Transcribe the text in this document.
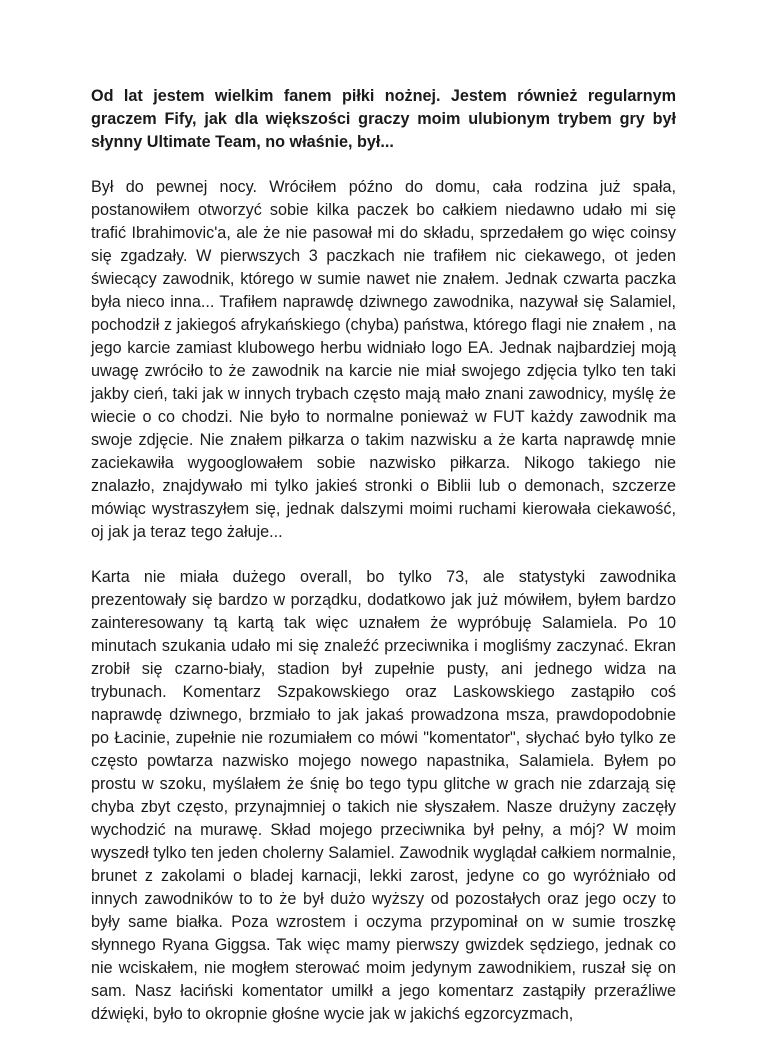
Od lat jestem wielkim fanem piłki nożnej. Jestem również regularnym graczem Fify, jak dla większości graczy moim ulubionym trybem gry był słynny Ultimate Team, no właśnie, był...

Był do pewnej nocy. Wróciłem późno do domu, cała rodzina już spała, postanowiłem otworzyć sobie kilka paczek bo całkiem niedawno udało mi się trafić Ibrahimovic'a, ale że nie pasował mi do składu, sprzedałem go więc coinsy się zgadzały. W pierwszych 3 paczkach nie trafiłem nic ciekawego, ot jeden świecący zawodnik, którego w sumie nawet nie znałem. Jednak czwarta paczka była nieco inna... Trafiłem naprawdę dziwnego zawodnika, nazywał się Salamiel, pochodził z jakiegoś afrykańskiego (chyba) państwa, którego flagi nie znałem , na jego karcie zamiast klubowego herbu widniało logo EA. Jednak najbardziej moją uwagę zwróciło to że zawodnik na karcie nie miał swojego zdjęcia tylko ten taki jakby cień, taki jak w innych trybach często mają mało znani zawodnicy, myślę że wiecie o co chodzi. Nie było to normalne ponieważ w FUT każdy zawodnik ma swoje zdjęcie. Nie znałem piłkarza o takim nazwisku a że karta naprawdę mnie zaciekawiła wygooglowałem sobie nazwisko piłkarza. Nikogo takiego nie znalazło, znajdywało mi tylko jakieś stronki o Biblii lub o demonach, szczerze mówiąc wystraszyłem się, jednak dalszymi moimi ruchami kierowała ciekawość, oj jak ja teraz tego żałuje...

Karta nie miała dużego overall, bo tylko 73, ale statystyki zawodnika prezentowały się bardzo w porządku, dodatkowo jak już mówiłem, byłem bardzo zainteresowany tą kartą tak więc uznałem że wypróbuję Salamiela. Po 10 minutach szukania udało mi się znaleźć przeciwnika i mogliśmy zaczynać. Ekran zrobił się czarno-biały, stadion był zupełnie pusty, ani jednego widza na trybunach. Komentarz Szpakowskiego oraz Laskowskiego zastąpiło coś naprawdę dziwnego, brzmiało to jak jakaś prowadzona msza, prawdopodobnie po Łacinie, zupełnie nie rozumiałem co mówi "komentator", słychać było tylko ze często powtarza nazwisko mojego nowego napastnika, Salamiela. Byłem po prostu w szoku, myślałem że śnię bo tego typu glitche w grach nie zdarzają się chyba zbyt często, przynajmniej o takich nie słyszałem. Nasze drużyny zaczęły wychodzić na murawę. Skład mojego przeciwnika był pełny, a mój? W moim wyszedł tylko ten jeden cholerny Salamiel. Zawodnik wyglądał całkiem normalnie, brunet z zakolami o bladej karnacji, lekki zarost, jedyne co go wyróżniało od innych zawodników to to że był dużo wyższy od pozostałych oraz jego oczy to były same białka. Poza wzrostem i oczyma przypominał on w sumie troszkę słynnego Ryana Giggsa. Tak więc mamy pierwszy gwizdek sędziego, jednak co nie wciskałem, nie mogłem sterować moim jedynym zawodnikiem, ruszał się on sam. Nasz łaciński komentator umilkł a jego komentarz zastąpiły przeraźliwe dźwięki, było to okropnie głośne wycie jak w jakichś egzorcyzmach,
